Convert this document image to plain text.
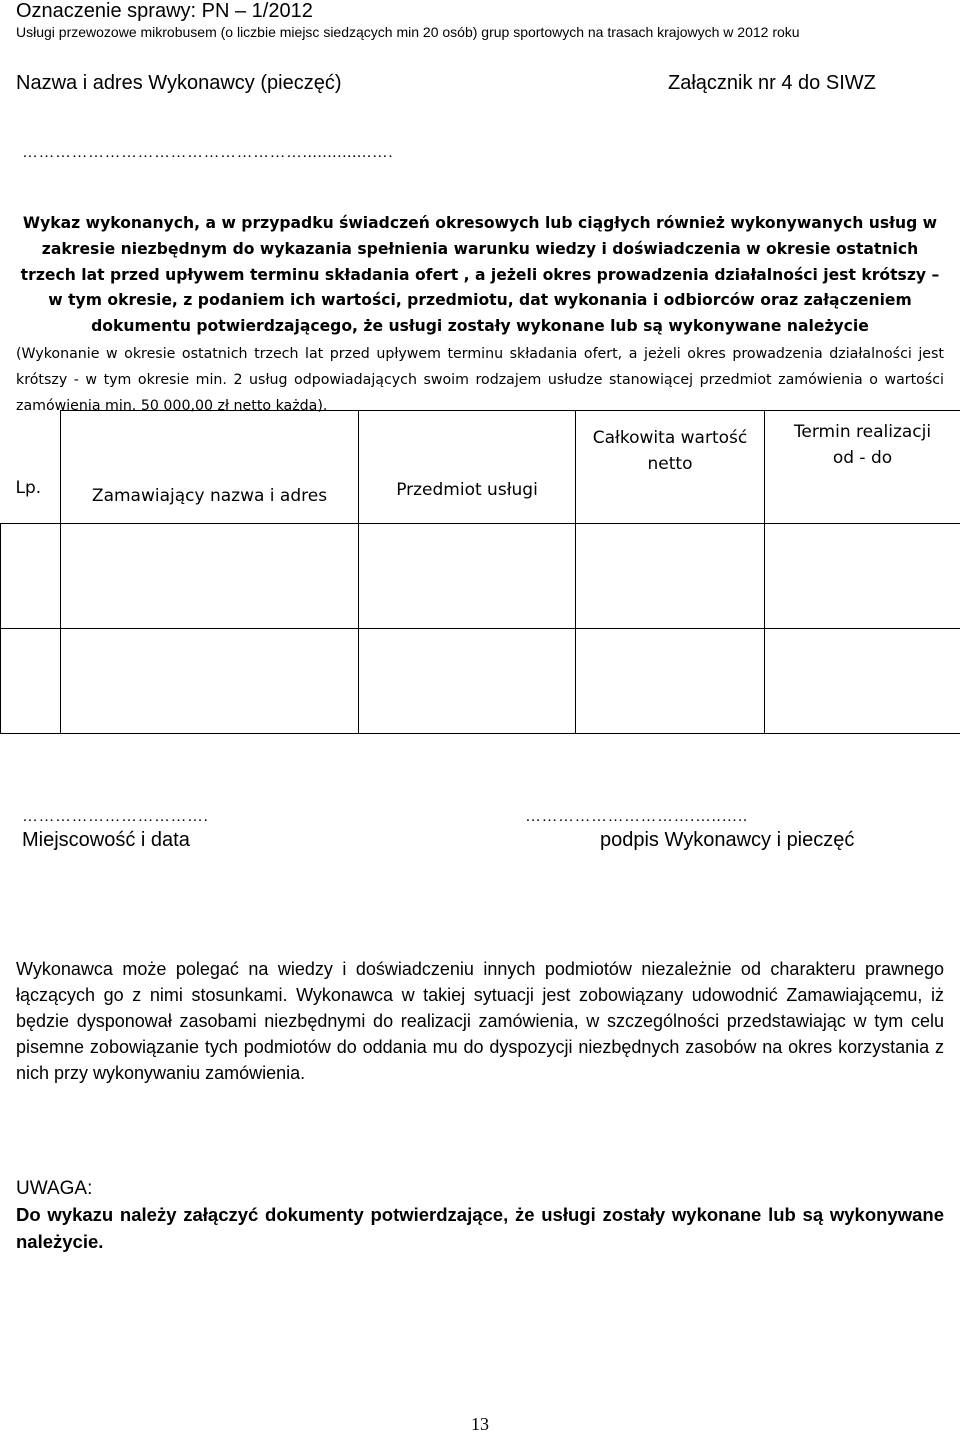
Oznaczenie sprawy: PN – 1/2012
Usługi przewozowe mikrobusem (o liczbie miejsc siedzących min 20 osób) grup sportowych na trasach krajowych w 2012 roku
Nazwa i adres Wykonawcy (pieczęć)	Załącznik nr 4 do SIWZ
……………………………………………..............….
Wykaz wykonanych, a w przypadku świadczeń okresowych lub ciągłych również wykonywanych usług w zakresie niezbędnym do wykazania spełnienia warunku wiedzy i doświadczenia w okresie ostatnich trzech lat przed upływem terminu składania ofert , a jeżeli okres prowadzenia działalności jest krótszy – w tym okresie, z podaniem ich wartości, przedmiotu, dat wykonania i odbiorców oraz załączeniem dokumentu potwierdzającego, że usługi zostały wykonane lub są wykonywane należycie
(Wykonanie w okresie ostatnich trzech lat przed upływem terminu składania ofert, a jeżeli okres prowadzenia działalności jest krótszy - w tym okresie min. 2 usług odpowiadających swoim rodzajem usłudze stanowiącej przedmiot zamówienia o wartości zamówienia min. 50 000,00 zł netto każda).
Lp.	Zamawiający nazwa i adres	Przedmiot usługi	Całkowita wartość netto	Termin realizacji od - do

…………………………….	………………………….…..…..
Miejscowość i data	podpis Wykonawcy i pieczęć
Wykonawca może polegać na wiedzy i doświadczeniu innych podmiotów niezależnie od charakteru prawnego łączących go z nimi stosunkami. Wykonawca w takiej sytuacji jest zobowiązany udowodnić Zamawiającemu, iż będzie dysponował zasobami niezbędnymi do realizacji zamówienia, w szczególności przedstawiając w tym celu pisemne zobowiązanie tych podmiotów do oddania mu do dyspozycji niezbędnych zasobów na okres korzystania z nich przy wykonywaniu zamówienia.
UWAGA:
Do wykazu należy załączyć dokumenty potwierdzające, że usługi zostały wykonane lub są wykonywane należycie.
13
